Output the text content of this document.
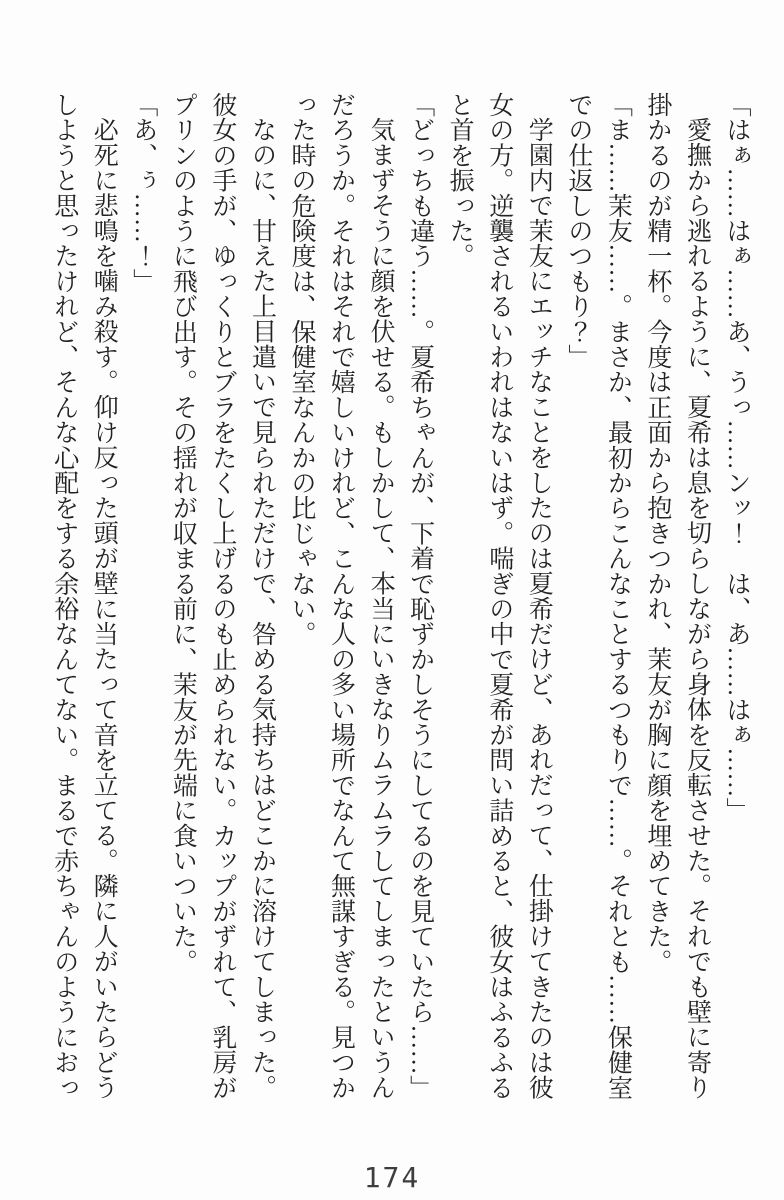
「はぁ……はぁ……あ、うっ……ンッ！　は、あ……はぁ……」

愛撫から逃れるように、夏希は息を切らしながら身体を反転させた。それでも壁に寄り掛かるのが精一杯。今度は正面から抱きつかれ、茉友が胸に顔を埋めてきた。

「ま……茉友……。まさか、最初からこんなことするつもりで……。それとも……保健室での仕返しのつもり？」

学園内で茉友にエッチなことをしたのは夏希だけど、あれだって、仕掛けてきたのは彼女の方。逆襲されるいわれはないはず。喘ぎの中で夏希が問い詰めると、彼女はふるふると首を振った。

「どっちも違う……。夏希ちゃんが、下着で恥ずかしそうにしてるのを見ていたら……」

気まずそうに顔を伏せる。もしかして、本当にいきなりムラムラしてしまったというんだろうか。それはそれで嬉しいけれど、こんな人の多い場所でなんて無謀すぎる。見つかった時の危険度は、保健室なんかの比じゃない。

なのに、甘えた上目遣いで見られただけで、咎める気持ちはどこかに溶けてしまった。彼女の手が、ゆっくりとブラをたくし上げるのも止められない。カップがずれて、乳房がプリンのように飛び出す。その揺れが収まる前に、茉友が先端に食いついた。

「あ、ぅ……！」

必死に悲鳴を噛み殺す。仰け反った頭が壁に当たって音を立てる。隣に人がいたらどうしようと思ったけれど、そんな心配をする余裕なんてない。まるで赤ちゃんのようにおっ

174
